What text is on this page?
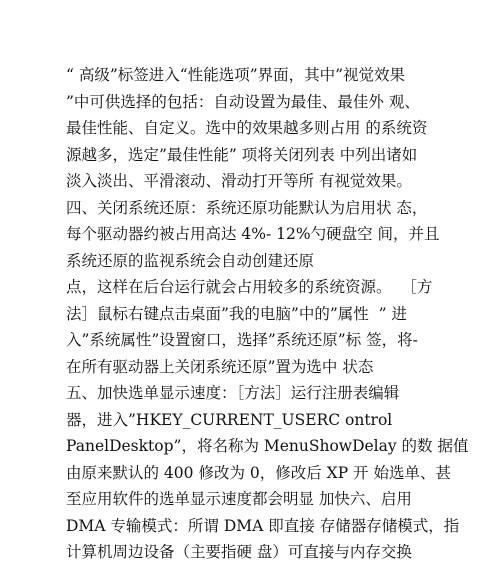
“ 高级”标签进入“性能选项”界面，其中”视觉效果
”中可供选择的包括：自动设置为最佳、最佳外 观、
最佳性能、自定义。选中的效果越多则占用 的系统资
源越多，选定”最佳性能” 项将关闭列表 中列出诸如
淡入淡出、平滑滚动、滑动打开等所 有视觉效果。
四、关闭系统还原：系统还原功能默认为启用状 态，
每个驱动器约被占用高达 4%- 12%勺硬盘空 间，并且
系统还原的监视系统会自动创建还原
点，这样在后台运行就会占用较多的系统资源。  ［方
法］鼠标右键点击桌面”我的电脑”中的”属性  ” 进
入”系统属性”设置窗口，选择”系统还原”标 签，将-
在所有驱动器上关闭系统还原”置为选中 状态
五、加快选单显示速度：［方法］运行注册表编辑
器，进入”HKEY_CURRENT_USERC ontrol
PanelDesktop”，将名称为 MenuShowDelay 的数 据值
由原来默认的 400 修改为 0，修改后 XP 开 始选单、甚
至应用软件的选单显示速度都会明显 加快六、启用
DMA 专输模式：所谓 DMA 即直接 存储器存储模式，指
计算机周边设备（主要指硬 盘）可直接与内存交换
